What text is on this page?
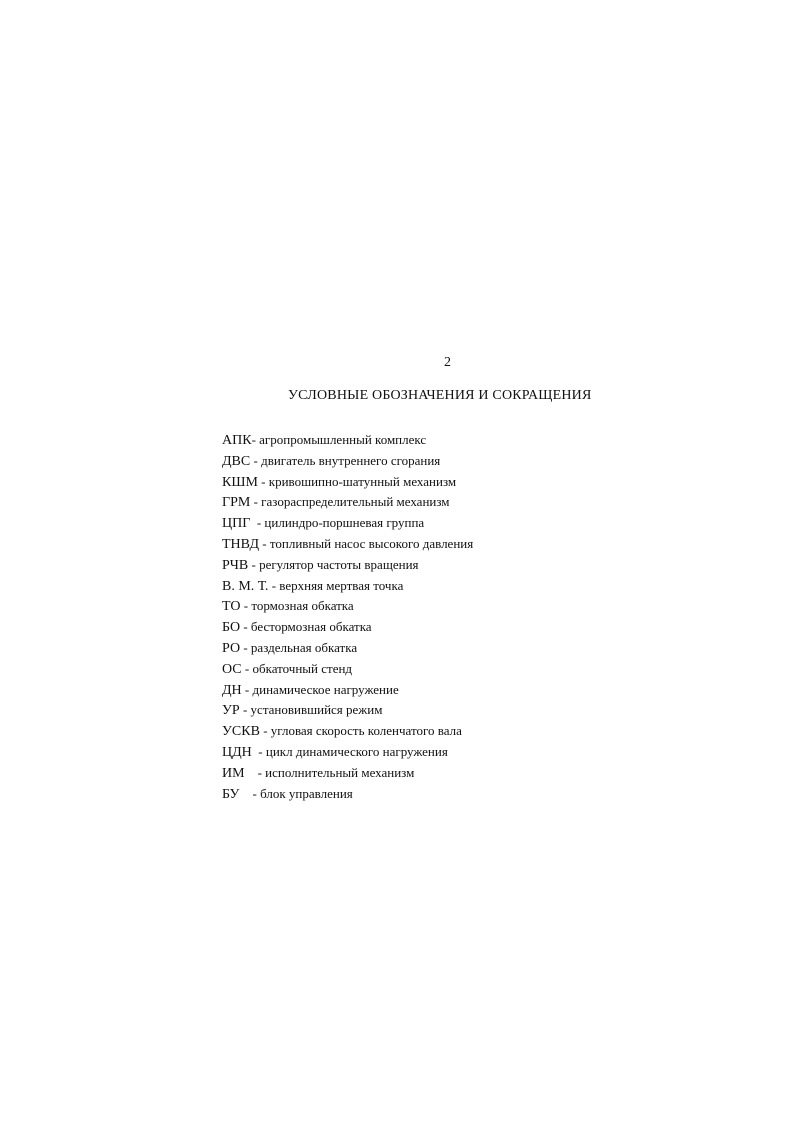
2
УСЛОВНЫЕ ОБОЗНАЧЕНИЯ И СОКРАЩЕНИЯ
АПК- агропромышленный комплекс
ДВС - двигатель внутреннего сгорания
КШМ - кривошипно-шатунный механизм
ГРМ - газораспределительный механизм
ЦПГ  - цилиндро-поршневая группа
ТНВД - топливный насос высокого давления
РЧВ - регулятор частоты вращения
В. М. Т. - верхняя мертвая точка
ТО - тормозная обкатка
БО - бестормозная обкатка
РО - раздельная обкатка
ОС - обкаточный стенд
ДН - динамическое нагружение
УР - установившийся режим
УСКВ - угловая скорость коленчатого вала
ЦДН  - цикл динамического нагружения
ИМ    - исполнительный механизм
БУ    - блок управления
